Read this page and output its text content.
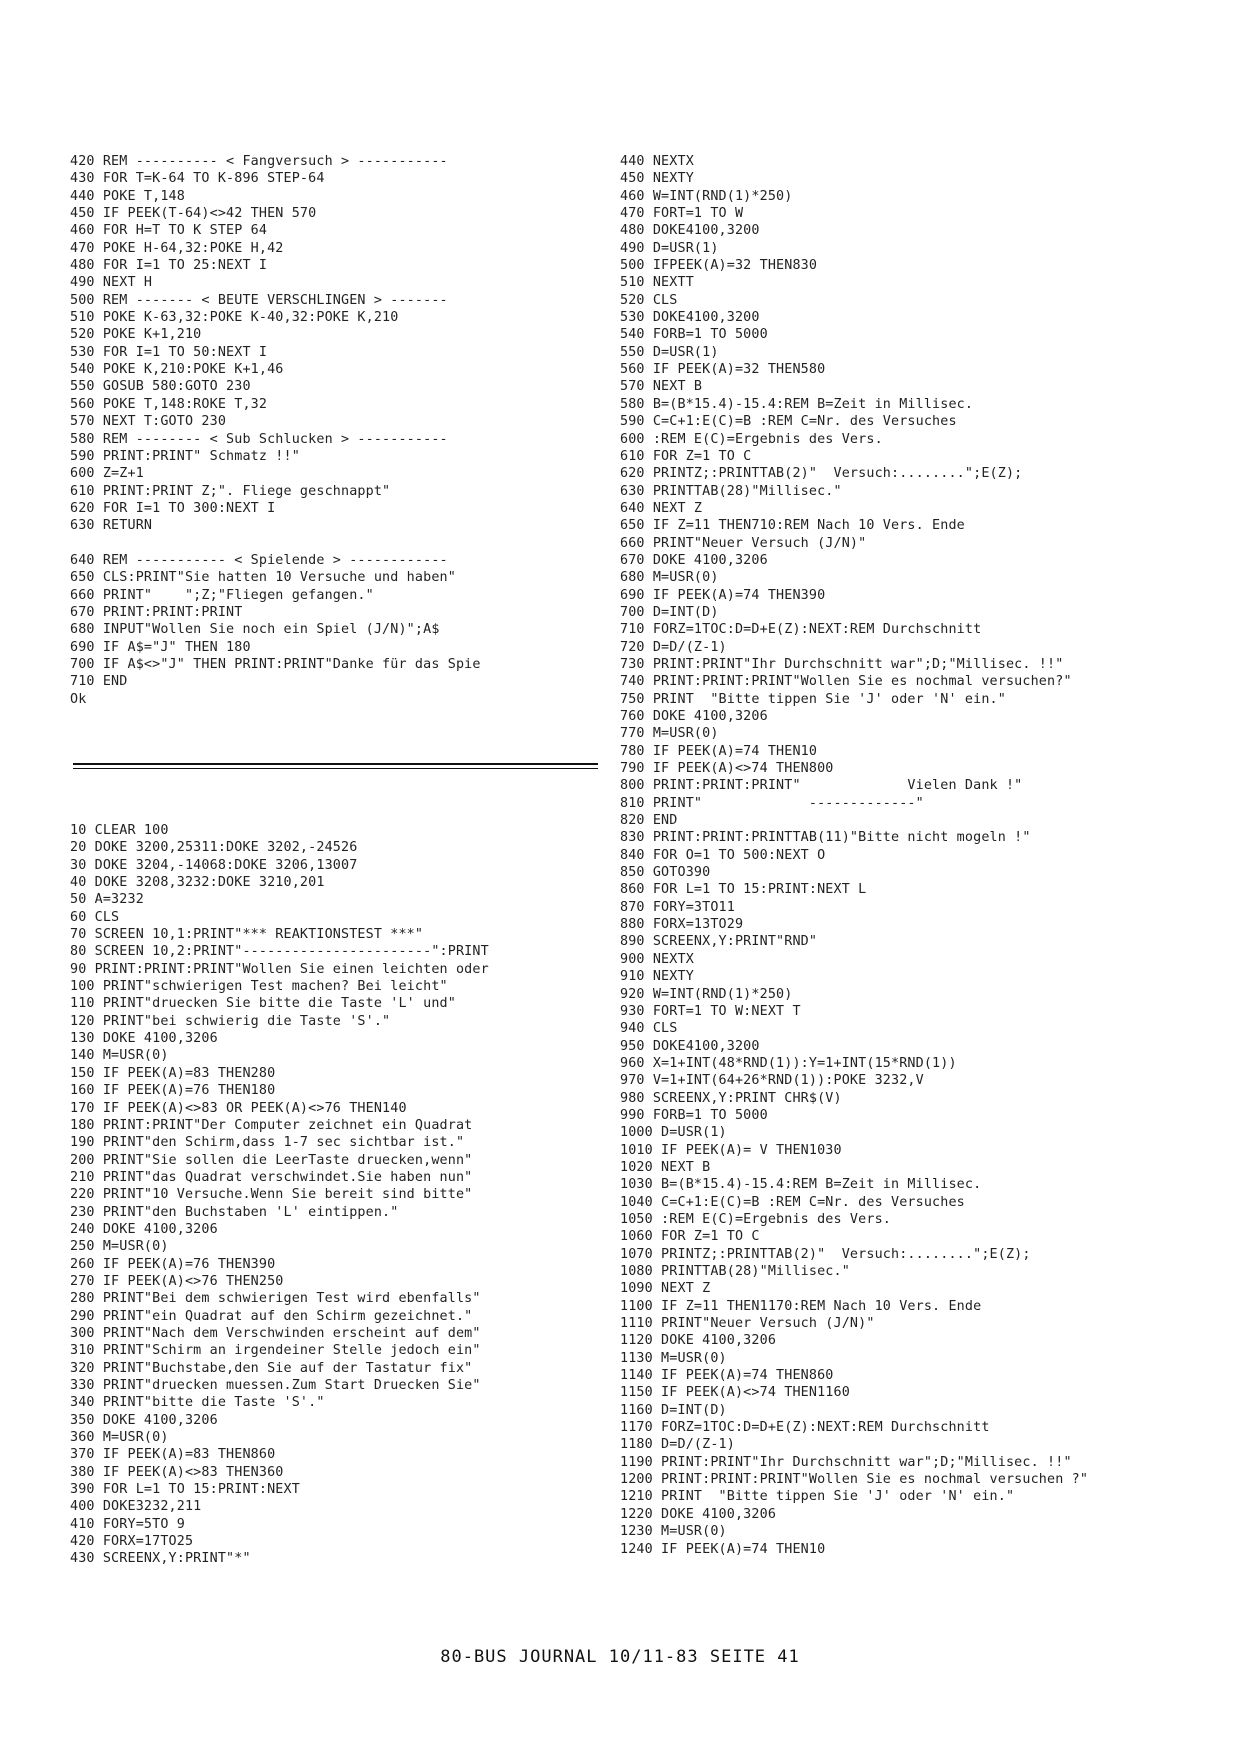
420 REM ---------- < Fangversuch > -----------
430 FOR T=K-64 TO K-896 STEP-64
440 POKE T,148
450 IF PEEK(T-64)<>42 THEN 570
460 FOR H=T TO K STEP 64
470 POKE H-64,32:POKE H,42
480 FOR I=1 TO 25:NEXT I
490 NEXT H
500 REM ------- < BEUTE VERSCHLINGEN > -------
510 POKE K-63,32:POKE K-40,32:POKE K,210
520 POKE K+1,210
530 FOR I=1 TO 50:NEXT I
540 POKE K,210:POKE K+1,46
550 GOSUB 580:GOTO 230
560 POKE T,148:ROKE T,32
570 NEXT T:GOTO 230
580 REM -------- < Sub Schlucken > -----------
590 PRINT:PRINT" Schmatz !!"
600 Z=Z+1
610 PRINT:PRINT Z;". Fliege geschnappt"
620 FOR I=1 TO 300:NEXT I
630 RETURN
640 REM ----------- < Spielende > ------------
650 CLS:PRINT"Sie hatten 10 Versuche und haben"
660 PRINT"    ";Z;"Fliegen gefangen."
670 PRINT:PRINT:PRINT
680 INPUT"Wollen Sie noch ein Spiel (J/N)";A$
690 IF A$="J" THEN 180
700 IF A$<>"J" THEN PRINT:PRINT"Danke für das Spie
710 END
Ok
10 CLEAR 100
20 DOKE 3200,25311:DOKE 3202,-24526
30 DOKE 3204,-14068:DOKE 3206,13007
40 DOKE 3208,3232:DOKE 3210,201
50 A=3232
60 CLS
70 SCREEN 10,1:PRINT"*** REAKTIONSTEST ***"
80 SCREEN 10,2:PRINT"-----------------------":PRINT
90 PRINT:PRINT:PRINT"Wollen Sie einen leichten oder
100 PRINT"schwierigen Test machen? Bei leicht"
110 PRINT"druecken Sie bitte die Taste 'L' und"
120 PRINT"bei schwierig die Taste 'S'."
130 DOKE 4100,3206
140 M=USR(0)
150 IF PEEK(A)=83 THEN280
160 IF PEEK(A)=76 THEN180
170 IF PEEK(A)<>83 OR PEEK(A)<>76 THEN140
180 PRINT:PRINT"Der Computer zeichnet ein Quadrat
190 PRINT"den Schirm,dass 1-7 sec sichtbar ist."
200 PRINT"Sie sollen die LeerTaste druecken,wenn"
210 PRINT"das Quadrat verschwindet.Sie haben nun"
220 PRINT"10 Versuche.Wenn Sie bereit sind bitte"
230 PRINT"den Buchstaben 'L' eintippen."
240 DOKE 4100,3206
250 M=USR(0)
260 IF PEEK(A)=76 THEN390
270 IF PEEK(A)<>76 THEN250
280 PRINT"Bei dem schwierigen Test wird ebenfalls"
290 PRINT"ein Quadrat auf den Schirm gezeichnet."
300 PRINT"Nach dem Verschwinden erscheint auf dem"
310 PRINT"Schirm an irgendeiner Stelle jedoch ein"
320 PRINT"Buchstabe,den Sie auf der Tastatur fix"
330 PRINT"druecken muessen.Zum Start Druecken Sie"
340 PRINT"bitte die Taste 'S'."
350 DOKE 4100,3206
360 M=USR(0)
370 IF PEEK(A)=83 THEN860
380 IF PEEK(A)<>83 THEN360
390 FOR L=1 TO 15:PRINT:NEXT
400 DOKE3232,211
410 FORY=5TO 9
420 FORX=17TO25
430 SCREENX,Y:PRINT"*"
440 NEXTX
450 NEXTY
460 W=INT(RND(1)*250)
470 FORT=1 TO W
480 DOKE4100,3200
490 D=USR(1)
500 IFPEEK(A)=32 THEN830
510 NEXTT
520 CLS
530 DOKE4100,3200
540 FORB=1 TO 5000
550 D=USR(1)
560 IF PEEK(A)=32 THEN580
570 NEXT B
580 B=(B*15.4)-15.4:REM B=Zeit in Millisec.
590 C=C+1:E(C)=B :REM C=Nr. des Versuches
600 :REM E(C)=Ergebnis des Vers.
610 FOR Z=1 TO C
620 PRINTZ;:PRINTTAB(2)"  Versuch:........";E(Z);
630 PRINTTAB(28)"Millisec."
640 NEXT Z
650 IF Z=11 THEN710:REM Nach 10 Vers. Ende
660 PRINT"Neuer Versuch (J/N)"
670 DOKE 4100,3206
680 M=USR(0)
690 IF PEEK(A)=74 THEN390
700 D=INT(D)
710 FORZ=1TOC:D=D+E(Z):NEXT:REM Durchschnitt
720 D=D/(Z-1)
730 PRINT:PRINT"Ihr Durchschnitt war";D;"Millisec. !!"
740 PRINT:PRINT:PRINT"Wollen Sie es nochmal versuchen?"
750 PRINT  "Bitte tippen Sie 'J' oder 'N' ein."
760 DOKE 4100,3206
770 M=USR(0)
780 IF PEEK(A)=74 THEN10
790 IF PEEK(A)<>74 THEN800
800 PRINT:PRINT:PRINT"             Vielen Dank !"
810 PRINT"             -------------"
820 END
830 PRINT:PRINT:PRINTTAB(11)"Bitte nicht mogeln !"
840 FOR O=1 TO 500:NEXT O
850 GOTO390
860 FOR L=1 TO 15:PRINT:NEXT L
870 FORY=3TO11
880 FORX=13TO29
890 SCREENX,Y:PRINT"RND"
900 NEXTX
910 NEXTY
920 W=INT(RND(1)*250)
930 FORT=1 TO W:NEXT T
940 CLS
950 DOKE4100,3200
960 X=1+INT(48*RND(1)):Y=1+INT(15*RND(1))
970 V=1+INT(64+26*RND(1)):POKE 3232,V
980 SCREENX,Y:PRINT CHR$(V)
990 FORB=1 TO 5000
1000 D=USR(1)
1010 IF PEEK(A)= V THEN1030
1020 NEXT B
1030 B=(B*15.4)-15.4:REM B=Zeit in Millisec.
1040 C=C+1:E(C)=B :REM C=Nr. des Versuches
1050 :REM E(C)=Ergebnis des Vers.
1060 FOR Z=1 TO C
1070 PRINTZ;:PRINTTAB(2)"  Versuch:........";E(Z);
1080 PRINTTAB(28)"Millisec."
1090 NEXT Z
1100 IF Z=11 THEN1170:REM Nach 10 Vers. Ende
1110 PRINT"Neuer Versuch (J/N)"
1120 DOKE 4100,3206
1130 M=USR(0)
1140 IF PEEK(A)=74 THEN860
1150 IF PEEK(A)<>74 THEN1160
1160 D=INT(D)
1170 FORZ=1TOC:D=D+E(Z):NEXT:REM Durchschnitt
1180 D=D/(Z-1)
1190 PRINT:PRINT"Ihr Durchschnitt war";D;"Millisec. !!"
1200 PRINT:PRINT:PRINT"Wollen Sie es nochmal versuchen ?"
1210 PRINT  "Bitte tippen Sie 'J' oder 'N' ein."
1220 DOKE 4100,3206
1230 M=USR(0)
1240 IF PEEK(A)=74 THEN10
80-BUS JOURNAL 10/11-83 SEITE 41
